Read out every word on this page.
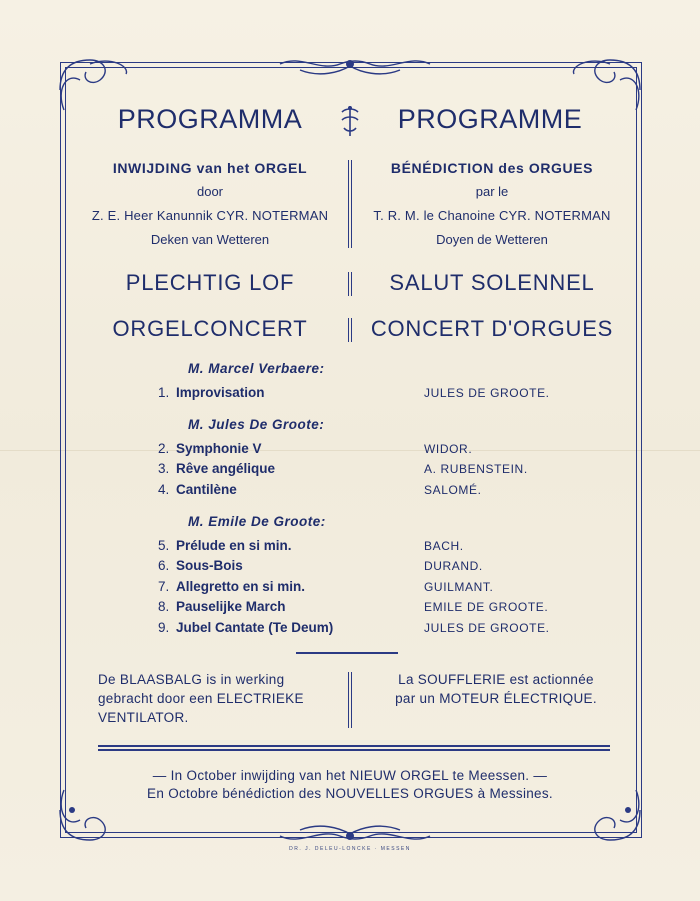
PROGRAMMA	PROGRAMME
INWIJDING van het ORGEL
door
Z. E. Heer Kanunnik CYR. NOTERMAN
Deken van Wetteren
BÉNÉDICTION des ORGUES
par le
T. R. M. le Chanoine CYR. NOTERMAN
Doyen de Wetteren
PLECHTIG LOF	SALUT SOLENNEL
ORGELCONCERT	CONCERT D'ORGUES
M. Marcel Verbaere:
1. Improvisation	JULES DE GROOTE.
M. Jules De Groote:
2. Symphonie V	WIDOR.
3. Rêve angélique	A. RUBENSTEIN.
4. Cantilène	SALOMÉ.
M. Emile De Groote:
5. Prélude en si min.	BACH.
6. Sous-Bois	DURAND.
7. Allegretto en si min.	GUILMANT.
8. Pauselijke March	EMILE DE GROOTE.
9. Jubel Cantate (Te Deum)	JULES DE GROOTE.
De BLAASBALG is in werking
gebracht door een ELECTRIEKE
VENTILATOR.
La SOUFFLERIE est actionnée
par un MOTEUR ÉLECTRIQUE.
— In October inwijding van het NIEUW ORGEL te Meessen. —
En Octobre bénédiction des NOUVELLES ORGUES à Messines.
DR. J. DELEU-LONCKE · MESSEN
